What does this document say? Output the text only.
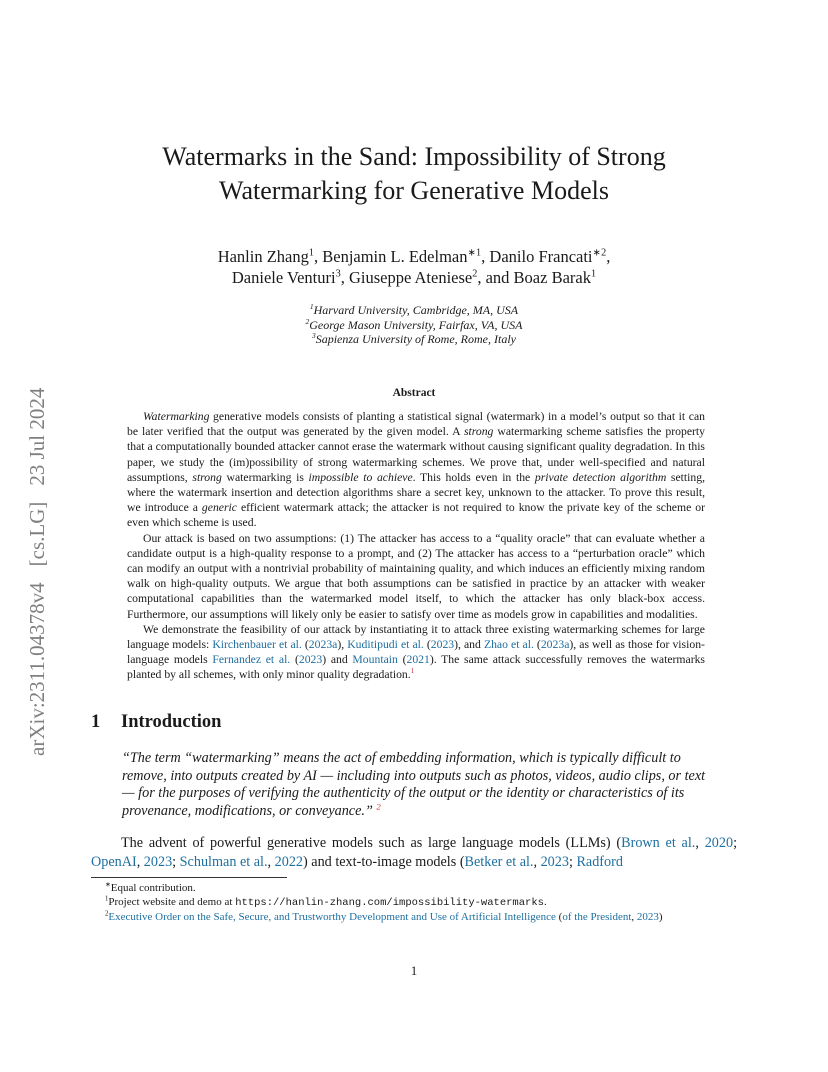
arXiv:2311.04378v4[cs.LG]23 Jul 2024
Watermarks in the Sand: Impossibility of Strong
Watermarking for Generative Models
Hanlin Zhang$^1$, Benjamin L. Edelman$^{∗1}$, Danilo Francati$^{∗2}$,
Daniele Venturi$^3$, Giuseppe Ateniese$^2$, and Boaz Barak$^1$
$^1$Harvard University, Cambridge, MA, USA
$^2$George Mason University, Fairfax, VA, USA
$^3$Sapienza University of Rome, Rome, Italy
Abstract

Watermarking generative models consists of planting a statistical signal (watermark) in a model’s output so that it can be later verified that the output was generated by the given model. A strong watermarking scheme satisfies the property that a computationally bounded attacker cannot erase the watermark without causing significant quality degradation. In this paper, we study the (im)possibility of strong watermarking schemes. We prove that, under well-specified and natural assumptions, strong watermarking is impossible to achieve. This holds even in the private detection algorithm setting, where the watermark insertion and detection algorithms share a secret key, unknown to the attacker. To prove this result, we introduce a generic efficient watermark attack; the attacker is not required to know the private key of the scheme or even which scheme is used.

Our attack is based on two assumptions: (1) The attacker has access to a “quality oracle” that can evaluate whether a candidate output is a high-quality response to a prompt, and (2) The attacker has access to a “perturbation oracle” which can modify an output with a nontrivial probability of maintaining quality, and which induces an efficiently mixing random walk on high-quality outputs. We argue that both assumptions can be satisfied in practice by an attacker with weaker computational capabilities than the watermarked model itself, to which the attacker has only black-box access. Furthermore, our assumptions will likely only be easier to satisfy over time as models grow in capabilities and modalities.

We demonstrate the feasibility of our attack by instantiating it to attack three existing watermarking schemes for large language models: Kirchenbauer et al. (2023a), Kuditipudi et al. (2023), and Zhao et al. (2023a), as well as those for vision-language models Fernandez et al. (2023) and Mountain (2021). The same attack successfully removes the watermarks planted by all schemes, with only minor quality degradation.$^1$

1 Introduction
“The term “watermarking” means the act of embedding information, which is typically difficult to remove, into outputs created by AI — including into outputs such as photos, videos, audio clips, or text — for the purposes of verifying the authenticity of the output or the identity or characteristics of its provenance, modifications, or conveyance.” $^2$

The advent of powerful generative models such as large language models (LLMs) (Brown et al., 2020; OpenAI, 2023; Schulman et al., 2022) and text-to-image models (Betker et al., 2023; Radford

∗Equal contribution.
$^1$Project website and demo at https://hanlin-zhang.com/impossibility-watermarks.
$^2$Executive Order on the Safe, Secure, and Trustworthy Development and Use of Artificial Intelligence (of the President, 2023)
1
